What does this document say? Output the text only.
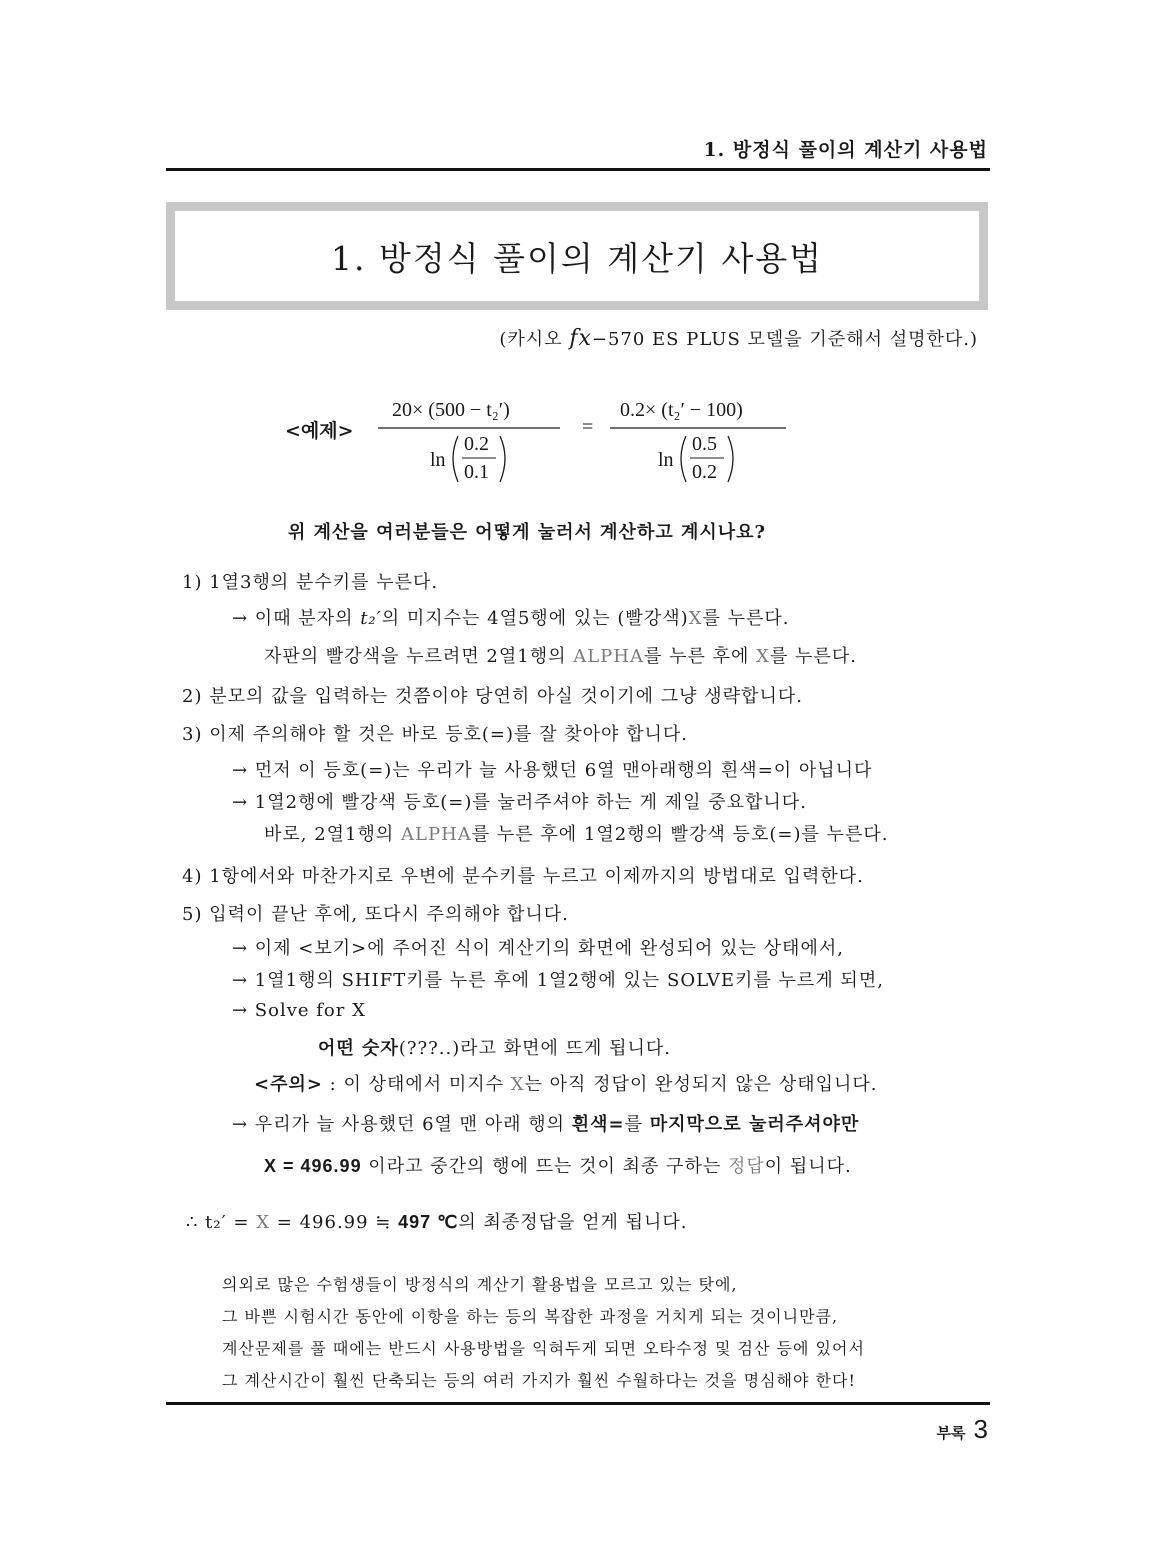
1. 방정식 풀이의 계산기 사용법
1. 방정식 풀이의 계산기 사용법
(카시오 fx−570 ES PLUS 모델을 기준해서 설명한다.)
<예제>
20× (500 − t₂′)
ln
0.2
0.1
=
0.2× (t₂′ − 100)
ln
0.5
0.2
위 계산을 여러분들은 어떻게 눌러서 계산하고 계시나요?
1) 1열3행의 분수키를 누른다.
→ 이때 분자의 t₂′의 미지수는 4열5행에 있는 (빨강색)X를 누른다.
자판의 빨강색을 누르려면 2열1행의 ALPHA를 누른 후에 X를 누른다.
2) 분모의 값을 입력하는 것쯤이야 당연히 아실 것이기에 그냥 생략합니다.
3) 이제 주의해야 할 것은 바로 등호(=)를 잘 찾아야 합니다.
→ 먼저 이 등호(=)는 우리가 늘 사용했던 6열 맨아래행의 흰색=이 아닙니다
→ 1열2행에 빨강색 등호(=)를 눌러주셔야 하는 게 제일 중요합니다.
바로, 2열1행의 ALPHA를 누른 후에 1열2행의 빨강색 등호(=)를 누른다.
4) 1항에서와 마찬가지로 우변에 분수키를 누르고 이제까지의 방법대로 입력한다.
5) 입력이 끝난 후에, 또다시 주의해야 합니다.
→ 이제 <보기>에 주어진 식이 계산기의 화면에 완성되어 있는 상태에서,
→ 1열1행의 SHIFT키를 누른 후에 1열2행에 있는 SOLVE키를 누르게 되면,
→ Solve for X
어떤 숫자(???..)라고 화면에 뜨게 됩니다.
<주의> : 이 상태에서 미지수 X는 아직 정답이 완성되지 않은 상태입니다.
→ 우리가 늘 사용했던 6열 맨 아래 행의 흰색=를 마지막으로 눌러주셔야만
X = 496.99 이라고 중간의 행에 뜨는 것이 최종 구하는 정답이 됩니다.
∴ t₂′ = X = 496.99 ≒ 497 ℃의 최종정답을 얻게 됩니다.
의외로 많은 수험생들이 방정식의 계산기 활용법을 모르고 있는 탓에,
그 바쁜 시험시간 동안에 이항을 하는 등의 복잡한 과정을 거치게 되는 것이니만큼,
계산문제를 풀 때에는 반드시 사용방법을 익혀두게 되면 오타수정 및 검산 등에 있어서
그 계산시간이 훨씬 단축되는 등의 여러 가지가 훨씬 수월하다는 것을 명심해야 한다!
부록 3
